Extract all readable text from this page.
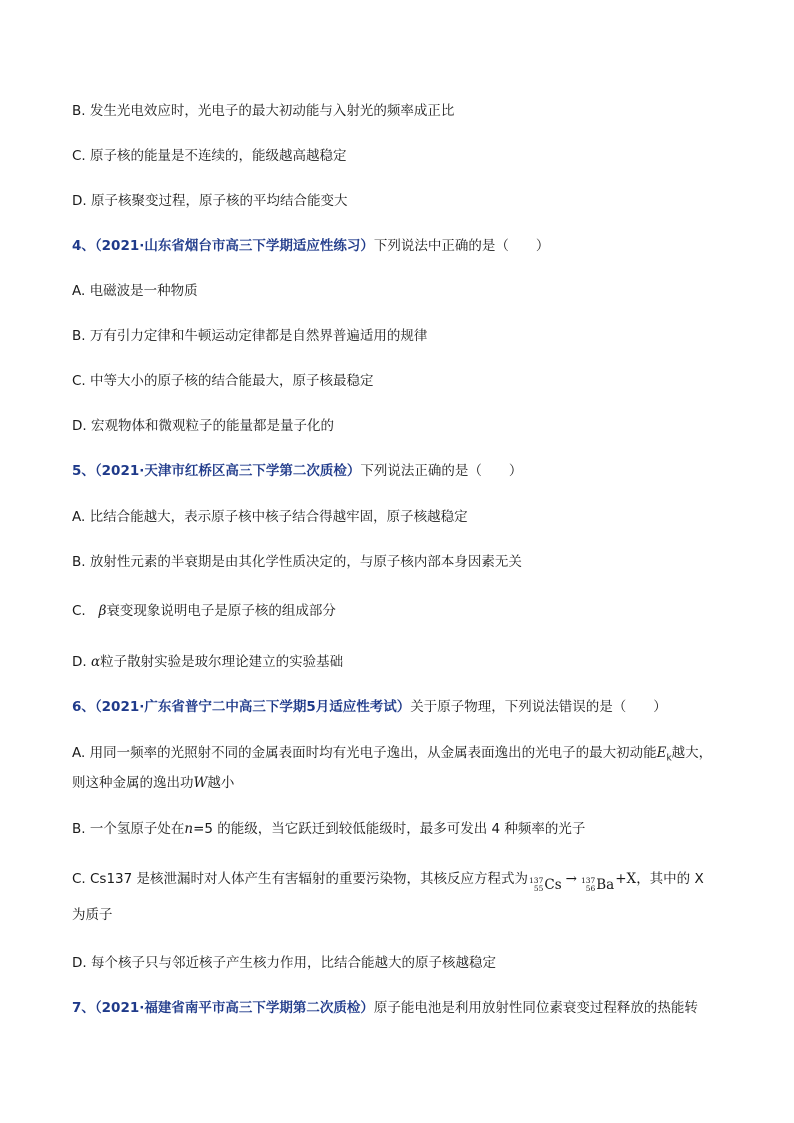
B. 发生光电效应时，光电子的最大初动能与入射光的频率成正比
C. 原子核的能量是不连续的，能级越高越稳定
D. 原子核聚变过程，原子核的平均结合能变大
4、（2021·山东省烟台市高三下学期适应性练习）下列说法中正确的是（　　）
A. 电磁波是一种物质
B. 万有引力定律和牛顿运动定律都是自然界普遍适用的规律
C. 中等大小的原子核的结合能最大，原子核最稳定
D. 宏观物体和微观粒子的能量都是量子化的
5、（2021·天津市红桥区高三下学第二次质检）下列说法正确的是（　　）
A. 比结合能越大，表示原子核中核子结合得越牢固，原子核越稳定
B. 放射性元素的半衰期是由其化学性质决定的，与原子核内部本身因素无关
C. β衰变现象说明电子是原子核的组成部分
D. α粒子散射实验是玻尔理论建立的实验基础
6、（2021·广东省普宁二中高三下学期5月适应性考试）关于原子物理，下列说法错误的是（　　）
A. 用同一频率的光照射不同的金属表面时均有光电子逸出，从金属表面逸出的光电子的最大初动能$E_k$越大，
则这种金属的逸出功W越小
B. 一个氢原子处在n=5 的能级，当它跃迁到较低能级时，最多可发出 4 种频率的光子
C. Cs137 是核泄漏时对人体产生有害辐射的重要污染物，其核反应方程式为 137
55 Cs → 137
56 Ba +X，其中的 X
为质子
D. 每个核子只与邻近核子产生核力作用，比结合能越大的原子核越稳定
7、（2021·福建省南平市高三下学期第二次质检）原子能电池是利用放射性同位素衰变过程释放的热能转
